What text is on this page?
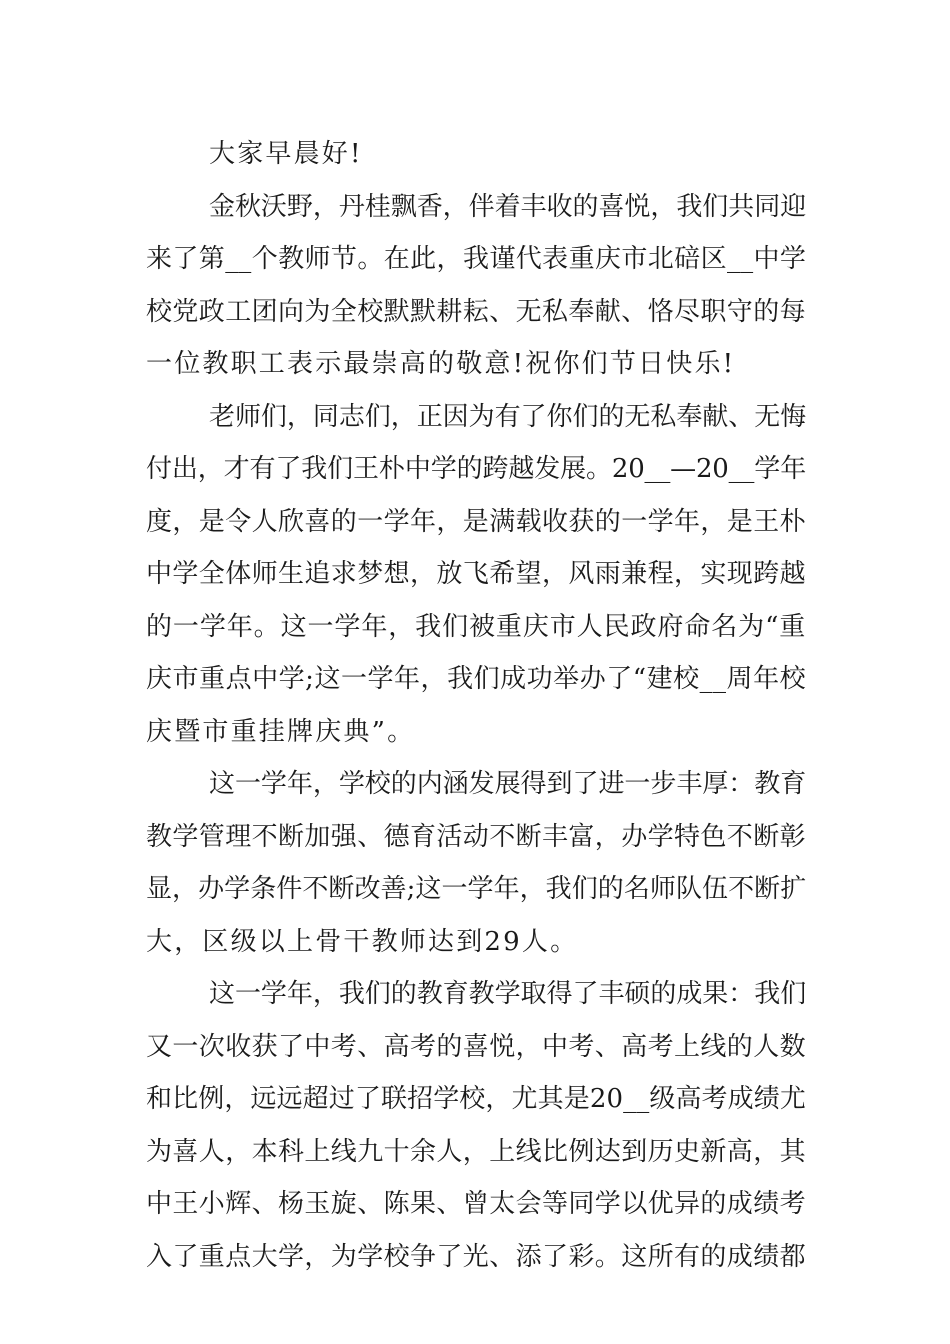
大家早晨好!

金秋沃野，丹桂飘香，伴着丰收的喜悦，我们共同迎
来了第__个教师节。在此，我谨代表重庆市北碚区__中学
校党政工团向为全校默默耕耘、无私奉献、恪尽职守的每
一位教职工表示最崇高的敬意!祝你们节日快乐!

老师们，同志们，正因为有了你们的无私奉献、无悔
付出，才有了我们王朴中学的跨越发展。20__—20__学年
度，是令人欣喜的一学年，是满载收获的一学年，是王朴
中学全体师生追求梦想，放飞希望，风雨兼程，实现跨越
的一学年。这一学年，我们被重庆市人民政府命名为“重
庆市重点中学;这一学年，我们成功举办了“建校__周年校
庆暨市重挂牌庆典”。

这一学年，学校的内涵发展得到了进一步丰厚：教育
教学管理不断加强、德育活动不断丰富，办学特色不断彰
显，办学条件不断改善;这一学年，我们的名师队伍不断扩
大，区级以上骨干教师达到29人。

这一学年，我们的教育教学取得了丰硕的成果：我们
又一次收获了中考、高考的喜悦，中考、高考上线的人数
和比例，远远超过了联招学校，尤其是20__级高考成绩尤
为喜人，本科上线九十余人，上线比例达到历史新高，其
中王小辉、杨玉旋、陈果、曾太会等同学以优异的成绩考
入了重点大学，为学校争了光、添了彩。这所有的成绩都
